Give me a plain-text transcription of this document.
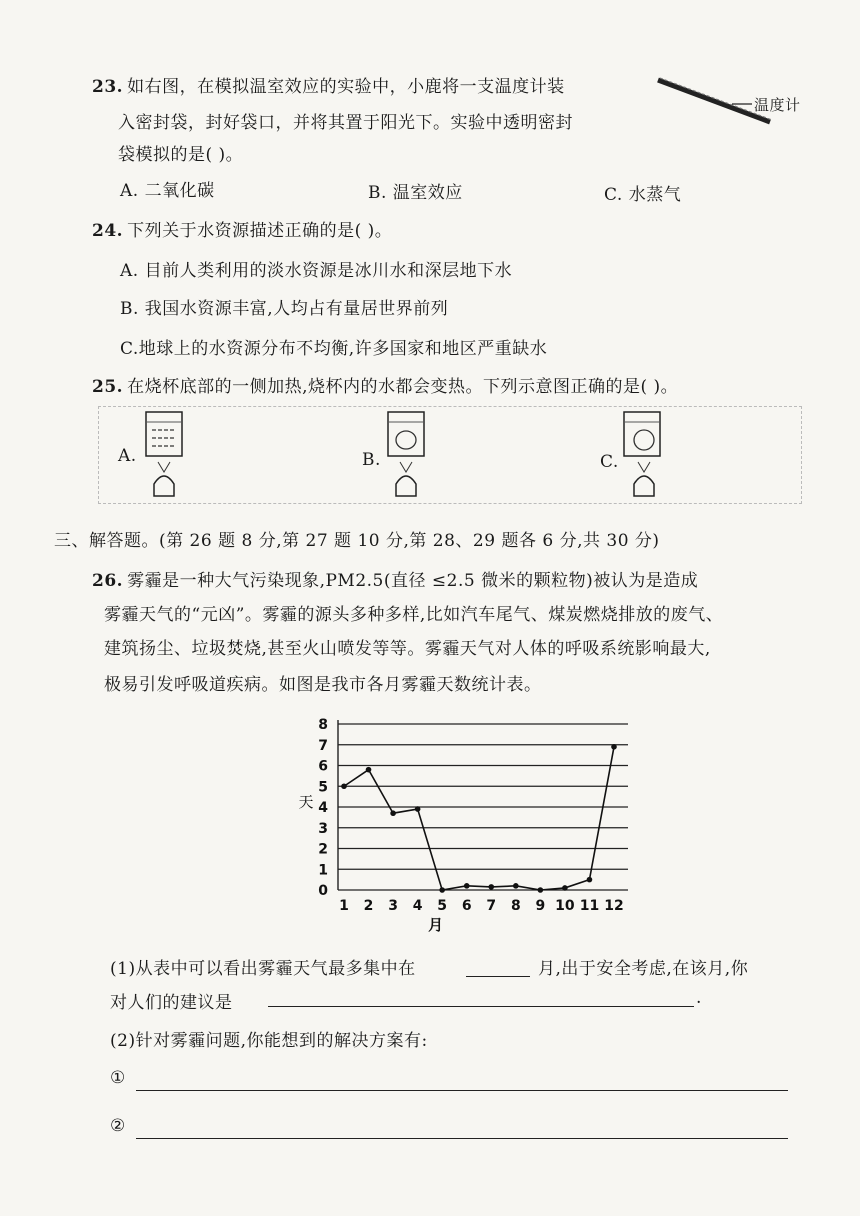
23. 如右图，在模拟温室效应的实验中，小鹿将一支温度计装
入密封袋，封好袋口，并将其置于阳光下。实验中透明密封
袋模拟的是( )。
温度计
A. 二氧化碳	B. 温室效应	C. 水蒸气
24. 下列关于水资源描述正确的是( )。
A. 目前人类利用的淡水资源是冰川水和深层地下水
B. 我国水资源丰富,人均占有量居世界前列
C.地球上的水资源分布不均衡,许多国家和地区严重缺水
25. 在烧杯底部的一侧加热,烧杯内的水都会变热。下列示意图正确的是( )。
A.	B.	C.
三、解答题。(第 26 题 8 分,第 27 题 10 分,第 28、29 题各 6 分,共 30 分)
26. 雾霾是一种大气污染现象,PM2.5(直径 ≤2.5 微米的颗粒物)被认为是造成
雾霾天气的“元凶”。雾霾的源头多种多样,比如汽车尾气、煤炭燃烧排放的废气、
建筑扬尘、垃圾焚烧,甚至火山喷发等等。雾霾天气对人体的呼吸系统影响最大,
极易引发呼吸道疾病。如图是我市各月雾霾天数统计表。
0
1
2
3
4
5
6
7
8
1 2 3 4 5 6 7 8 9 10 11 12
天
月
(1)从表中可以看出雾霾天气最多集中在	月,出于安全考虑,在该月,你
对人们的建议是	.
(2)针对雾霾问题,你能想到的解决方案有:
①
②
